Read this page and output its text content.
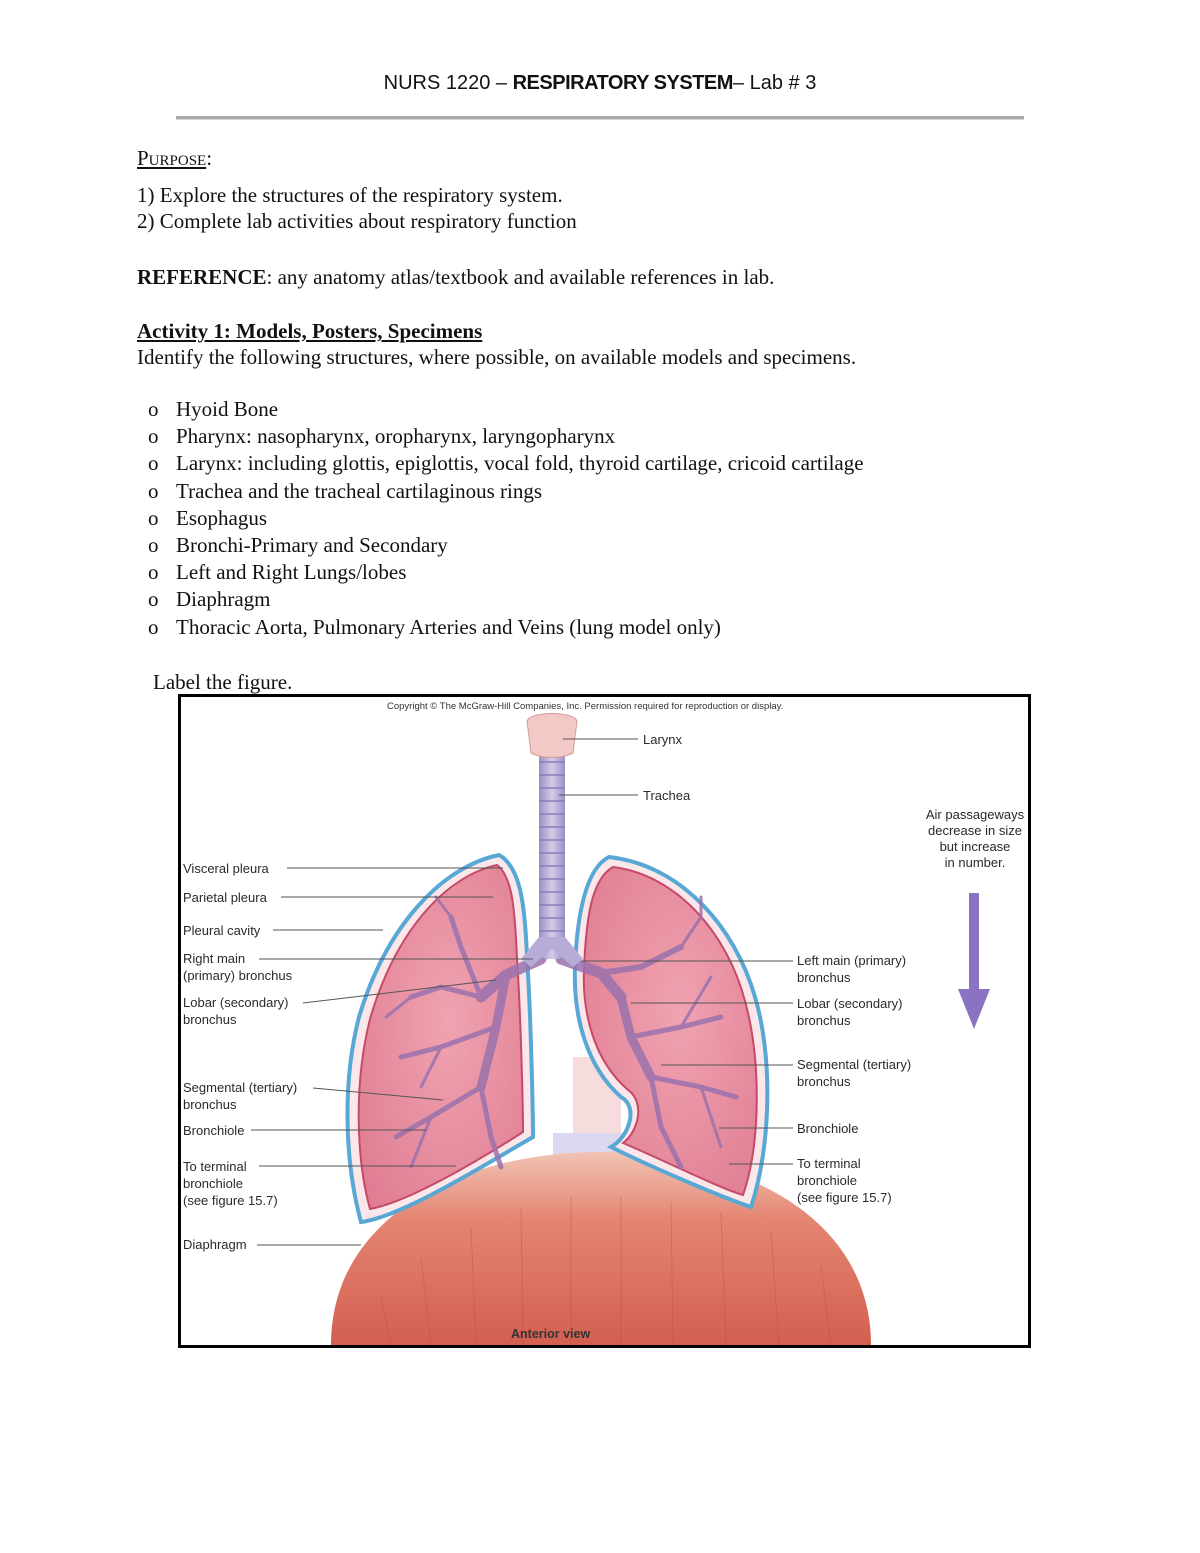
NURS 1220 – RESPIRATORY SYSTEM– Lab # 3
Purpose:
1) Explore the structures of the respiratory system.
2) Complete lab activities about respiratory function
REFERENCE: any anatomy atlas/textbook and available references in lab.
Activity 1: Models, Posters, Specimens
Identify the following structures, where possible, on available models and specimens.
o Hyoid Bone
o Pharynx: nasopharynx, oropharynx, laryngopharynx
o Larynx: including glottis, epiglottis, vocal fold, thyroid cartilage, cricoid cartilage
o Trachea and the tracheal cartilaginous rings
o Esophagus
o Bronchi-Primary and Secondary
o Left and Right Lungs/lobes
o Diaphragm
o Thoracic Aorta, Pulmonary Arteries and Veins (lung model only)
Label the figure.
Copyright © The McGraw-Hill Companies, Inc. Permission required for reproduction or display.
Air passageways
decrease in size
but increase
in number.
Visceral pleura
Parietal pleura
Pleural cavity
Right main
(primary) bronchus
Lobar (secondary)
bronchus
Segmental (tertiary)
bronchus
Bronchiole
To terminal
bronchiole
(see figure 15.7)
Diaphragm
Larynx
Trachea
Left main (primary)
bronchus
Lobar (secondary)
bronchus
Segmental (tertiary)
bronchus
Bronchiole
To terminal
bronchiole
(see figure 15.7)
Anterior view
